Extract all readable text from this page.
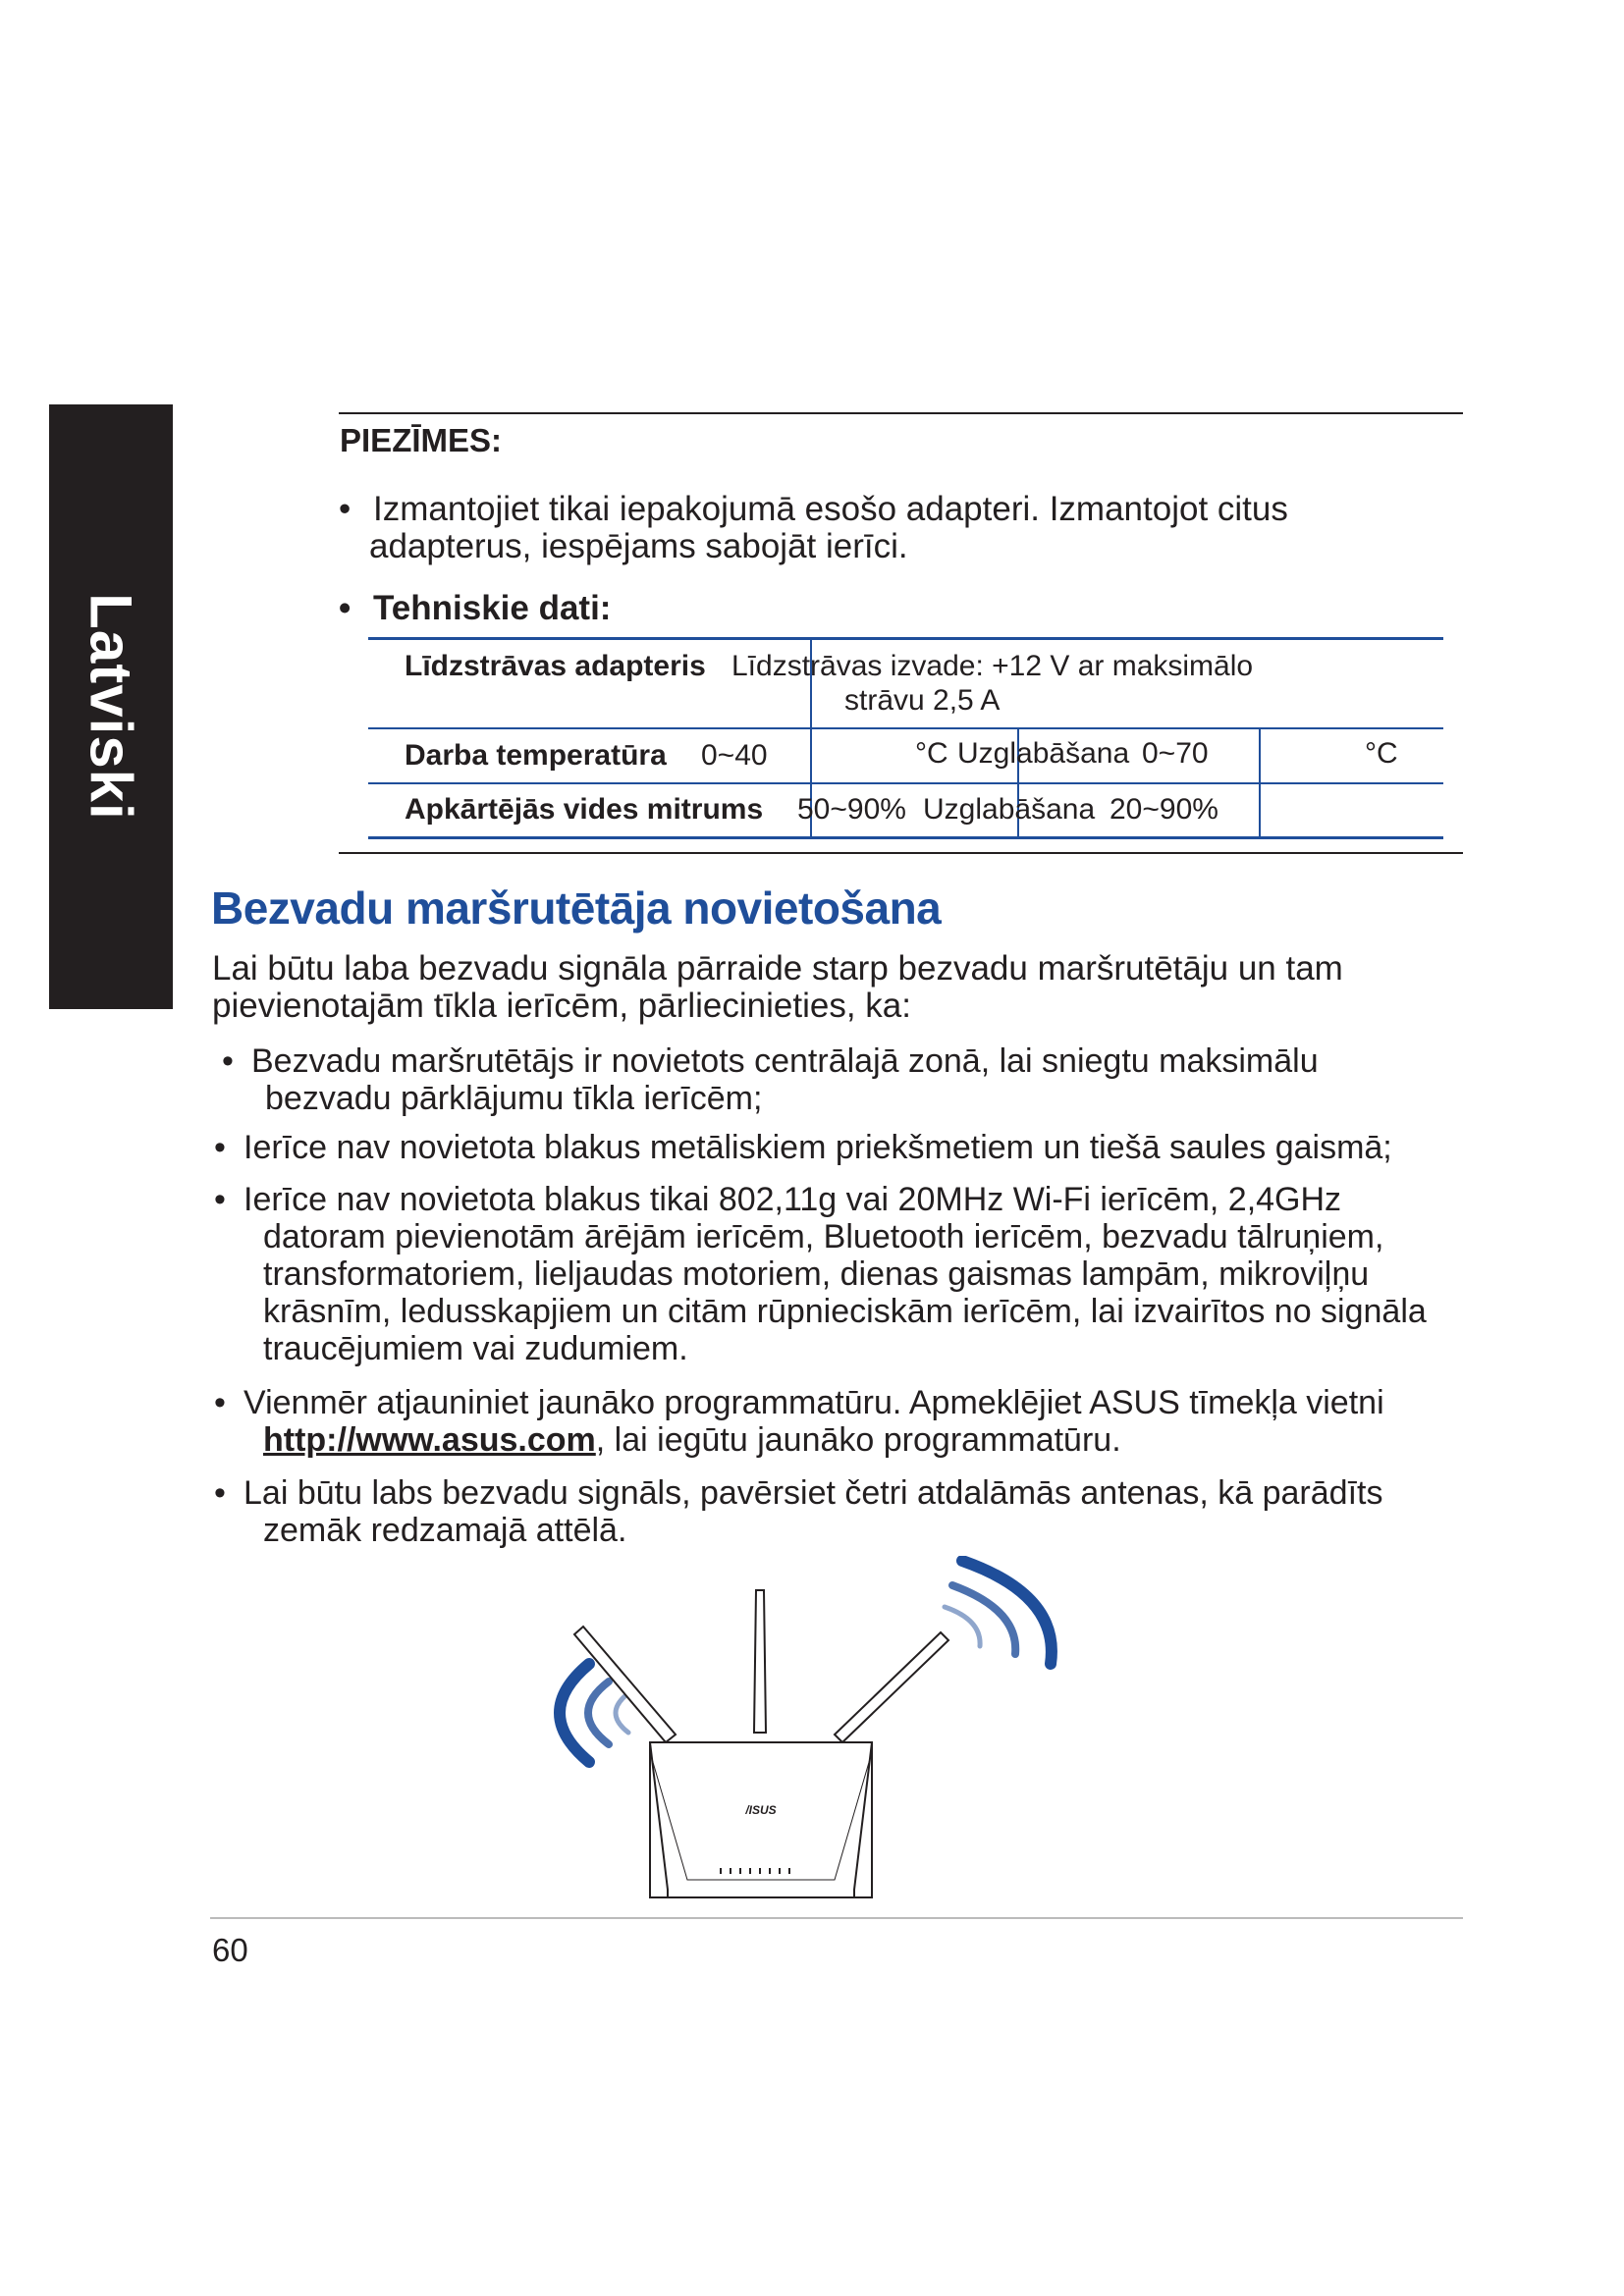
Latviski
PIEZĪMES:
• Izmantojiet tikai iepakojumā esošo adapteri. Izmantojot citus
adapterus, iespējams sabojāt ierīci.
• Tehniskie dati:
Līdzstrāvas adapteris Līdzstrāvas izvade: +12 V ar maksimālo
strāvu 2,5 A
Darba temperatūra 0~40	°C Uzglabāšana 0~70	°C
Apkārtējās vides mitrums 50~90% Uzglabāšana 20~90%
Bezvadu maršrutētāja novietošana
Lai būtu laba bezvadu signāla pārraide starp bezvadu maršrutētāju un tam
pievienotajām tīkla ierīcēm, pārliecinieties, ka:
• Bezvadu maršrutētājs ir novietots centrālajā zonā, lai sniegtu maksimālu
bezvadu pārklājumu tīkla ierīcēm;
• Ierīce nav novietota blakus metāliskiem priekšmetiem un tiešā saules gaismā;
• Ierīce nav novietota blakus tikai 802,11g vai 20MHz Wi-Fi ierīcēm, 2,4GHz
datoram pievienotām ārējām ierīcēm, Bluetooth ierīcēm, bezvadu tālruņiem,
transformatoriem, lieljaudas motoriem, dienas gaismas lampām, mikroviļņu
krāsnīm, ledusskapjiem un citām rūpnieciskām ierīcēm, lai izvairītos no signāla
traucējumiem vai zudumiem.
• Vienmēr atjauniniet jaunāko programmatūru. Apmeklējiet ASUS tīmekļa vietni
http://www.asus.com, lai iegūtu jaunāko programmatūru.
• Lai būtu labs bezvadu signāls, pavērsiet četri atdalāmās antenas, kā parādīts
zemāk redzamajā attēlā.
/ISUS
60
